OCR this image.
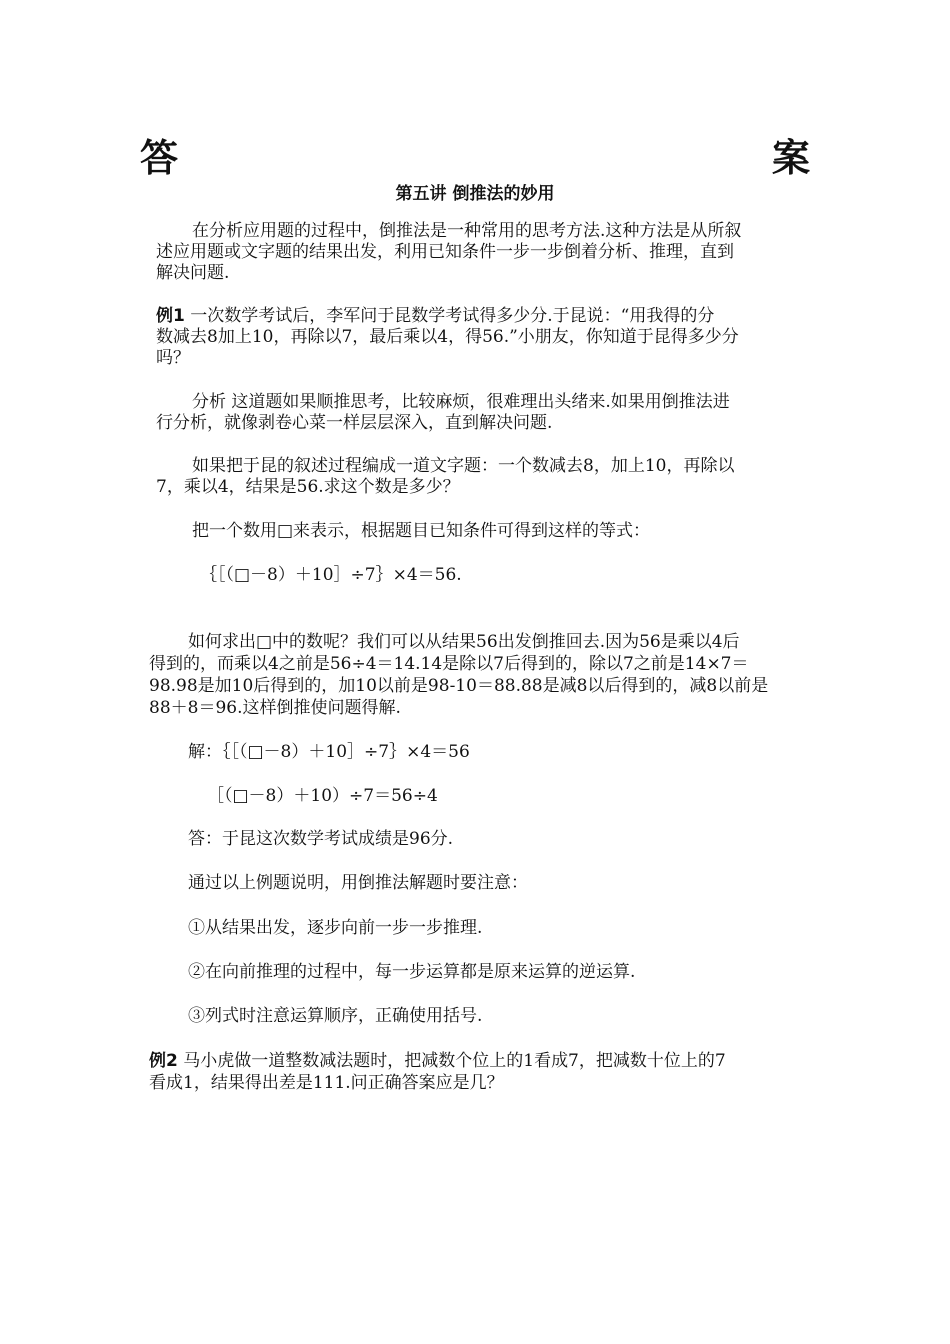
答	案
第五讲 倒推法的妙用
在分析应用题的过程中，倒推法是一种常用的思考方法.这种方法是从所叙
述应用题或文字题的结果出发，利用已知条件一步一步倒着分析、推理，直到
解决问题.
例1 一次数学考试后，李军问于昆数学考试得多少分.于昆说：“用我得的分
数减去8加上10，再除以7，最后乘以4，得56.”小朋友，你知道于昆得多少分
吗？
分析 这道题如果顺推思考，比较麻烦，很难理出头绪来.如果用倒推法进
行分析，就像剥卷心菜一样层层深入，直到解决问题.
如果把于昆的叙述过程编成一道文字题：一个数减去8，加上10，再除以
7，乘以4，结果是56.求这个数是多少？
把一个数用□来表示，根据题目已知条件可得到这样的等式：
｛［（□－8）＋10］÷7｝×4＝56.
如何求出□中的数呢？我们可以从结果56出发倒推回去.因为56是乘以4后
得到的，而乘以4之前是56÷4＝14.14是除以7后得到的，除以7之前是14×7＝
98.98是加10后得到的，加10以前是98-10＝88.88是减8以后得到的，减8以前是
88＋8＝96.这样倒推使问题得解.
解：｛［（□－8）＋10］÷7｝×4＝56
［（□－8）＋10）÷7＝56÷4
答：于昆这次数学考试成绩是96分.
通过以上例题说明，用倒推法解题时要注意：
①从结果出发，逐步向前一步一步推理.
②在向前推理的过程中，每一步运算都是原来运算的逆运算.
③列式时注意运算顺序，正确使用括号.
例2 马小虎做一道整数减法题时，把减数个位上的1看成7，把减数十位上的7
看成1，结果得出差是111.问正确答案应是几？
